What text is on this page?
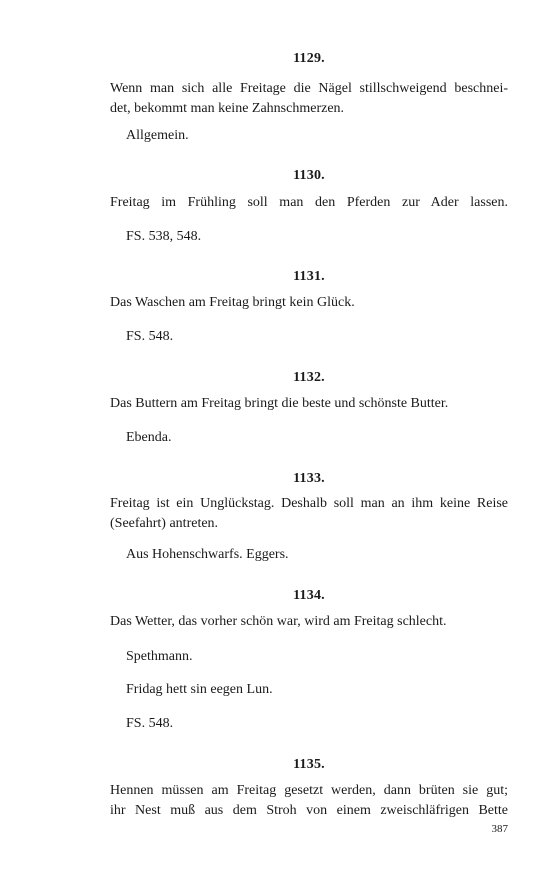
1129.
Wenn man sich alle Freitage die Nägel stillschweigend beschnei-
det, bekommt man keine Zahnschmerzen.
Allgemein.
1130.
Freitag im Frühling soll man den Pferden zur Ader lassen.
FS. 538, 548.
1131.
Das Waschen am Freitag bringt kein Glück.
FS. 548.
1132.
Das Buttern am Freitag bringt die beste und schönste Butter.
Ebenda.
1133.
Freitag ist ein Unglückstag. Deshalb soll man an ihm keine Reise
(Seefahrt) antreten.
Aus Hohenschwarfs. Eggers.
1134.
Das Wetter, das vorher schön war, wird am Freitag schlecht.
Spethmann.
Fridag hett sin eegen Lun.
FS. 548.
1135.
Hennen müssen am Freitag gesetzt werden, dann brüten sie gut;
ihr Nest muß aus dem Stroh von einem zweischläfrigen Bette
387
